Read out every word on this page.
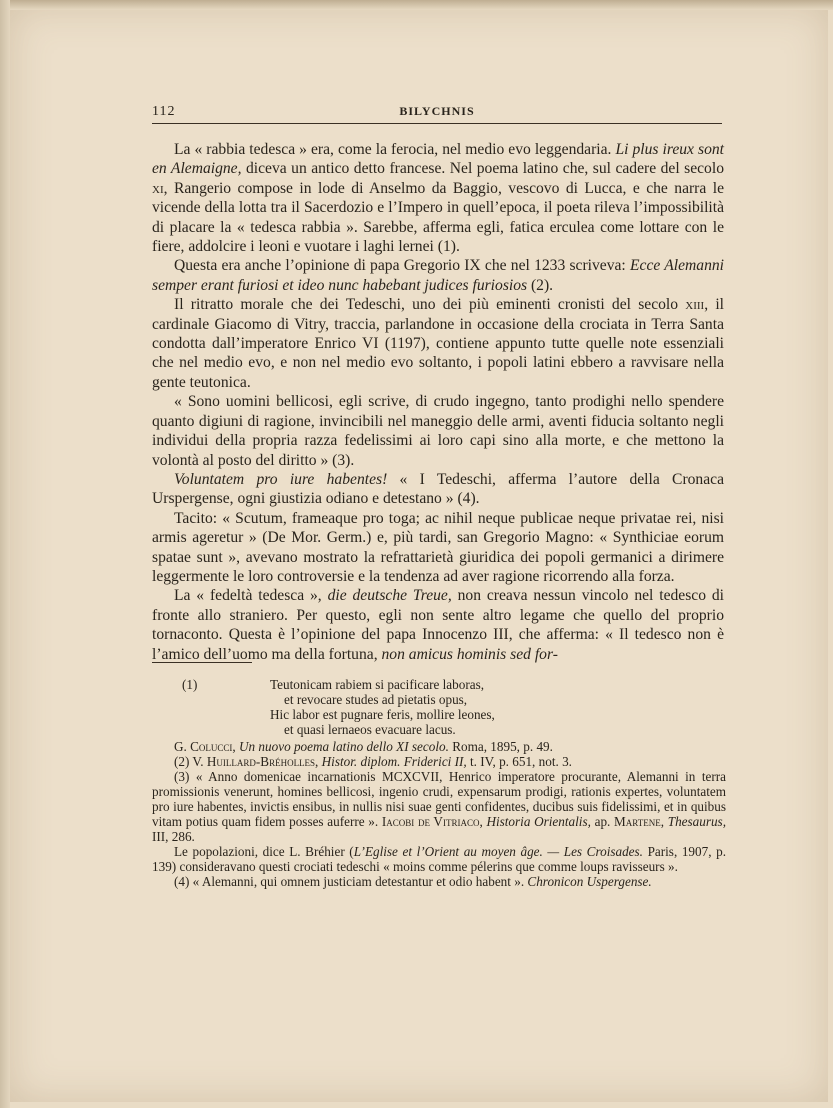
112	BILYCHNIS

La « rabbia tedesca » era, come la ferocia, nel medio evo leggendaria. Li plus ireux sont en Alemaigne, diceva un antico detto francese. Nel poema latino che, sul cadere del secolo xi, Rangerio compose in lode di Anselmo da Baggio, vescovo di Lucca, e che narra le vicende della lotta tra il Sacerdozio e l’Impero in quell’epoca, il poeta rileva l’impossibilità di placare la « tedesca rabbia ». Sarebbe, afferma egli, fatica erculea come lottare con le fiere, addolcire i leoni e vuotare i laghi lernei (1).

Questa era anche l’opinione di papa Gregorio IX che nel 1233 scriveva: Ecce Alemanni semper erant furiosi et ideo nunc habebant judices furiosios (2).

Il ritratto morale che dei Tedeschi, uno dei più eminenti cronisti del secolo xiii, il cardinale Giacomo di Vitry, traccia, parlandone in occasione della crociata in Terra Santa condotta dall’imperatore Enrico VI (1197), contiene appunto tutte quelle note essenziali che nel medio evo, e non nel medio evo soltanto, i popoli latini ebbero a ravvisare nella gente teutonica.

« Sono uomini bellicosi, egli scrive, di crudo ingegno, tanto prodighi nello spendere quanto digiuni di ragione, invincibili nel maneggio delle armi, aventi fiducia soltanto negli individui della propria razza fedelissimi ai loro capi sino alla morte, e che mettono la volontà al posto del diritto » (3).

Voluntatem pro iure habentes! « I Tedeschi, afferma l’autore della Cronaca Urspergense, ogni giustizia odiano e detestano » (4).

Tacito: « Scutum, frameaque pro toga; ac nihil neque publicae neque privatae rei, nisi armis ageretur » (De Mor. Germ.) e, più tardi, san Gregorio Magno: « Synthiciae eorum spatae sunt », avevano mostrato la refrattarietà giuridica dei popoli germanici a dirimere leggermente le loro controversie e la tendenza ad aver ragione ricorrendo alla forza.

La « fedeltà tedesca », die deutsche Treue, non creava nessun vincolo nel tedesco di fronte allo straniero. Per questo, egli non sente altro legame che quello del proprio tornaconto. Questa è l’opinione del papa Innocenzo III, che afferma: « Il tedesco non è l’amico dell’uomo ma della fortuna, non amicus hominis sed for-

(1)	Teutonicam rabiem si pacificare laboras,
et revocare studes ad pietatis opus,
Hic labor est pugnare feris, mollire leones,
et quasi lernaeos evacuare lacus.

G. Colucci, Un nuovo poema latino dello XI secolo. Roma, 1895, p. 49.

(2) V. Huillard-Bréholles, Histor. diplom. Friderici II, t. IV, p. 651, not. 3.

(3) « Anno domenicae incarnationis MCXCVII, Henrico imperatore procurante, Alemanni in terra promissionis venerunt, homines bellicosi, ingenio crudi, expensarum prodigi, rationis expertes, voluntatem pro iure habentes, invictis ensibus, in nullis nisi suae genti confidentes, ducibus suis fidelissimi, et in quibus vitam potius quam fidem posses auferre ». Iacobi de Vitriaco, Historia Orientalis, ap. Martene, Thesaurus, III, 286.

Le popolazioni, dice L. Bréhier (L’Eglise et l’Orient au moyen âge. — Les Croisades. Paris, 1907, p. 139) consideravano questi crociati tedeschi « moins comme pélerins que comme loups ravisseurs ».

(4) « Alemanni, qui omnem justiciam detestantur et odio habent ». Chronicon Uspergense.
